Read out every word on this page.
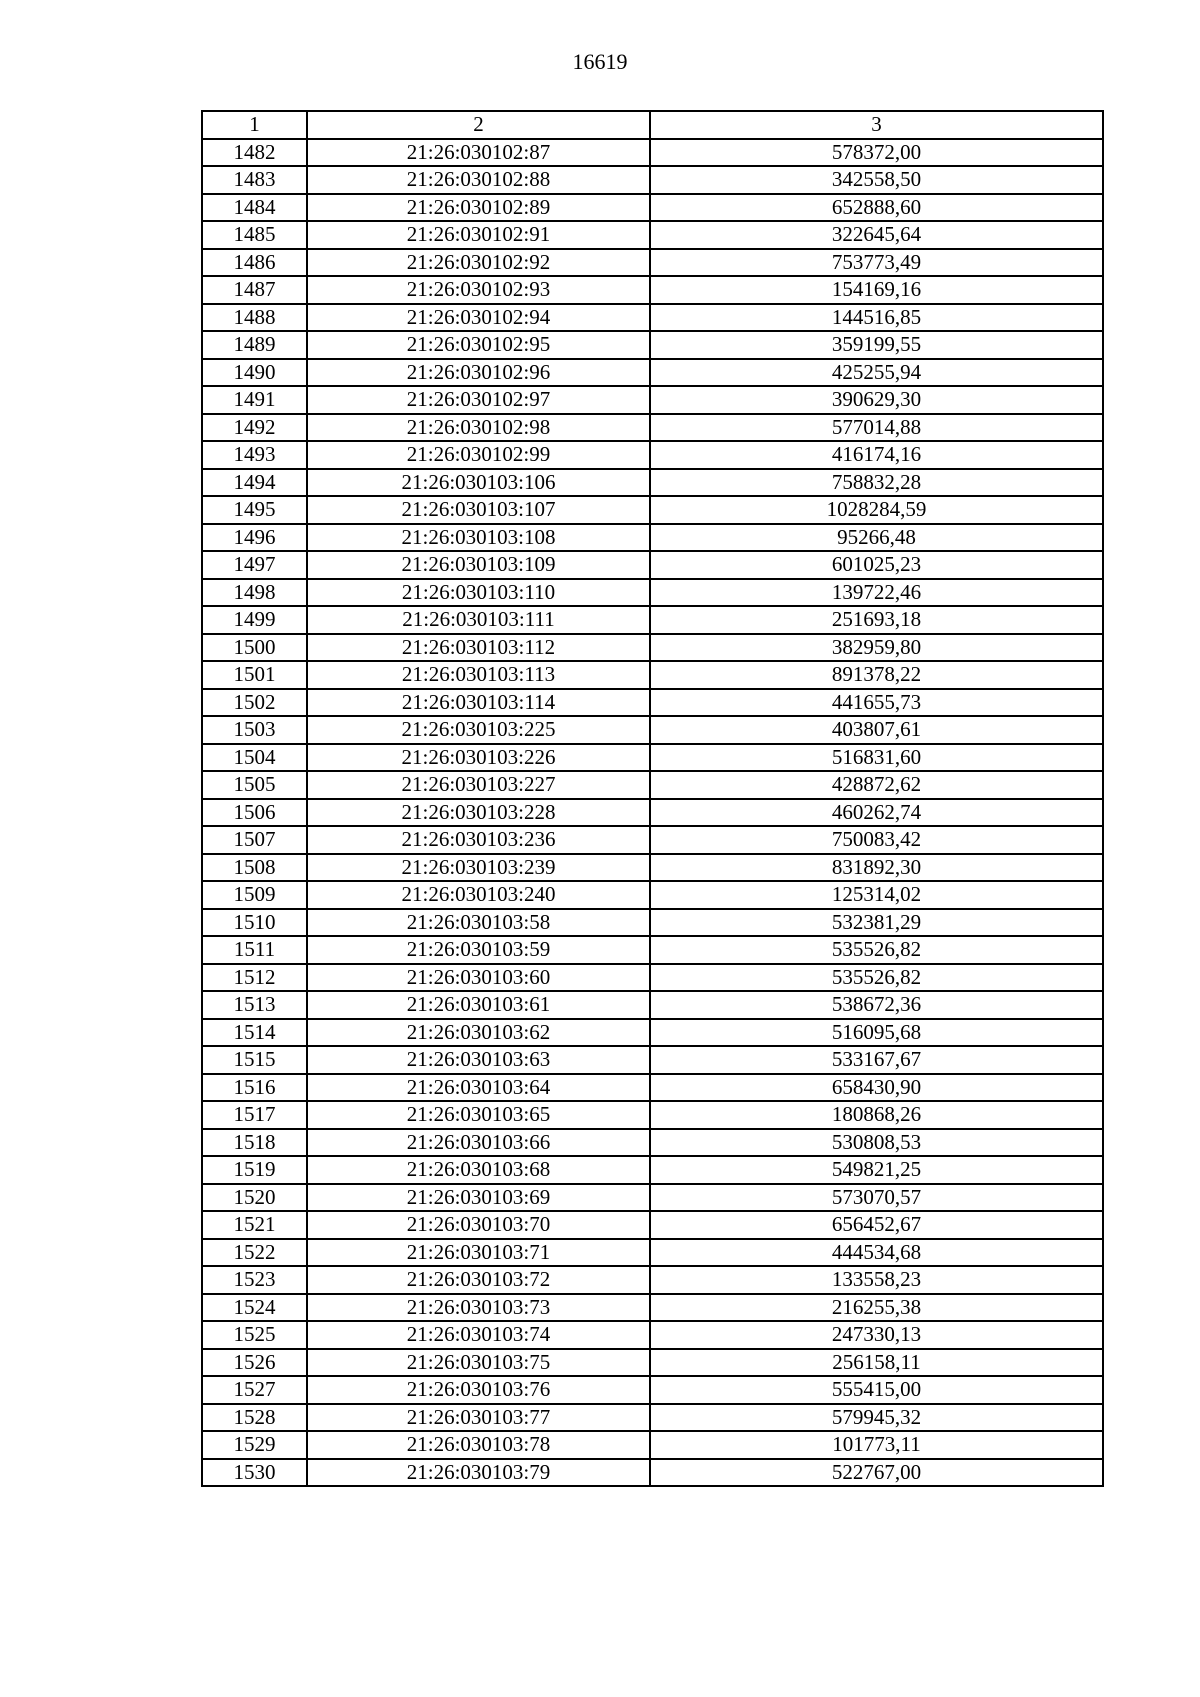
16619
1	2	3
1482	21:26:030102:87	578372,00
1483	21:26:030102:88	342558,50
1484	21:26:030102:89	652888,60
1485	21:26:030102:91	322645,64
1486	21:26:030102:92	753773,49
1487	21:26:030102:93	154169,16
1488	21:26:030102:94	144516,85
1489	21:26:030102:95	359199,55
1490	21:26:030102:96	425255,94
1491	21:26:030102:97	390629,30
1492	21:26:030102:98	577014,88
1493	21:26:030102:99	416174,16
1494	21:26:030103:106	758832,28
1495	21:26:030103:107	1028284,59
1496	21:26:030103:108	95266,48
1497	21:26:030103:109	601025,23
1498	21:26:030103:110	139722,46
1499	21:26:030103:111	251693,18
1500	21:26:030103:112	382959,80
1501	21:26:030103:113	891378,22
1502	21:26:030103:114	441655,73
1503	21:26:030103:225	403807,61
1504	21:26:030103:226	516831,60
1505	21:26:030103:227	428872,62
1506	21:26:030103:228	460262,74
1507	21:26:030103:236	750083,42
1508	21:26:030103:239	831892,30
1509	21:26:030103:240	125314,02
1510	21:26:030103:58	532381,29
1511	21:26:030103:59	535526,82
1512	21:26:030103:60	535526,82
1513	21:26:030103:61	538672,36
1514	21:26:030103:62	516095,68
1515	21:26:030103:63	533167,67
1516	21:26:030103:64	658430,90
1517	21:26:030103:65	180868,26
1518	21:26:030103:66	530808,53
1519	21:26:030103:68	549821,25
1520	21:26:030103:69	573070,57
1521	21:26:030103:70	656452,67
1522	21:26:030103:71	444534,68
1523	21:26:030103:72	133558,23
1524	21:26:030103:73	216255,38
1525	21:26:030103:74	247330,13
1526	21:26:030103:75	256158,11
1527	21:26:030103:76	555415,00
1528	21:26:030103:77	579945,32
1529	21:26:030103:78	101773,11
1530	21:26:030103:79	522767,00
